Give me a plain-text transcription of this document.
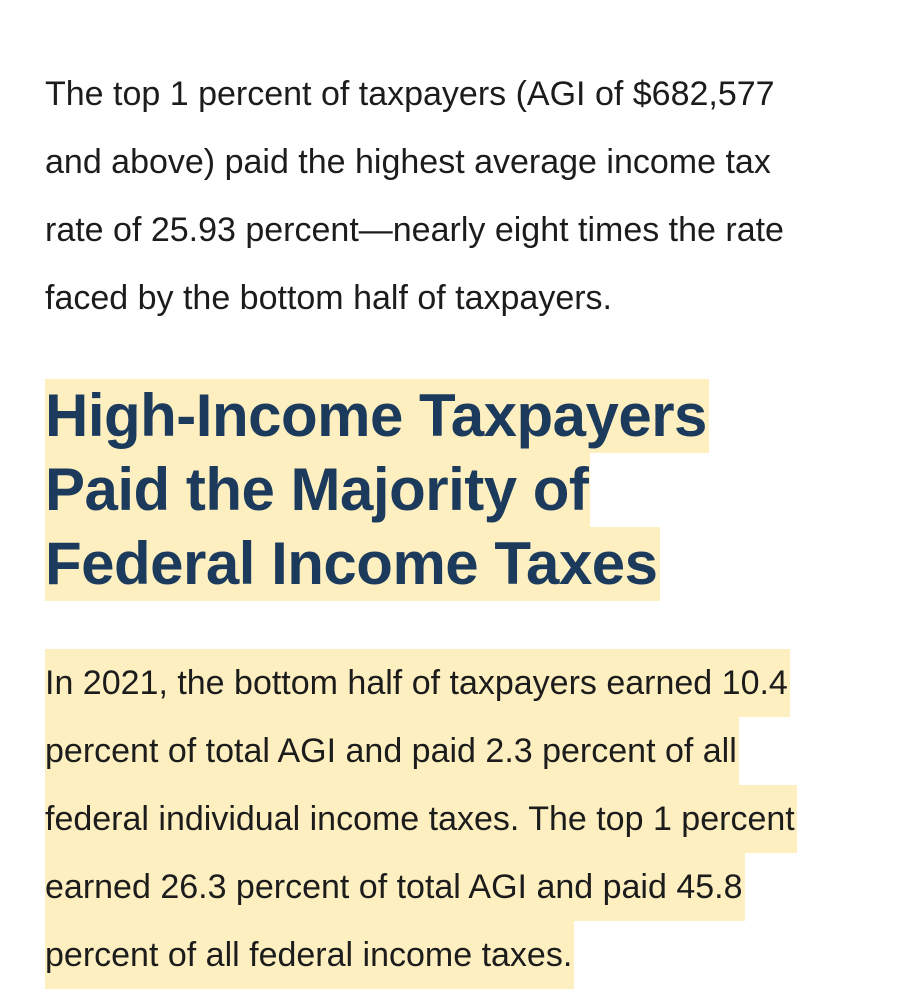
The top 1 percent of taxpayers (AGI of $682,577
and above) paid the highest average income tax
rate of 25.93 percent—nearly eight times the rate
faced by the bottom half of taxpayers.

High-Income Taxpayers
Paid the Majority of
Federal Income Taxes

In 2021, the bottom half of taxpayers earned 10.4
percent of total AGI and paid 2.3 percent of all
federal individual income taxes. The top 1 percent
earned 26.3 percent of total AGI and paid 45.8
percent of all federal income taxes.
